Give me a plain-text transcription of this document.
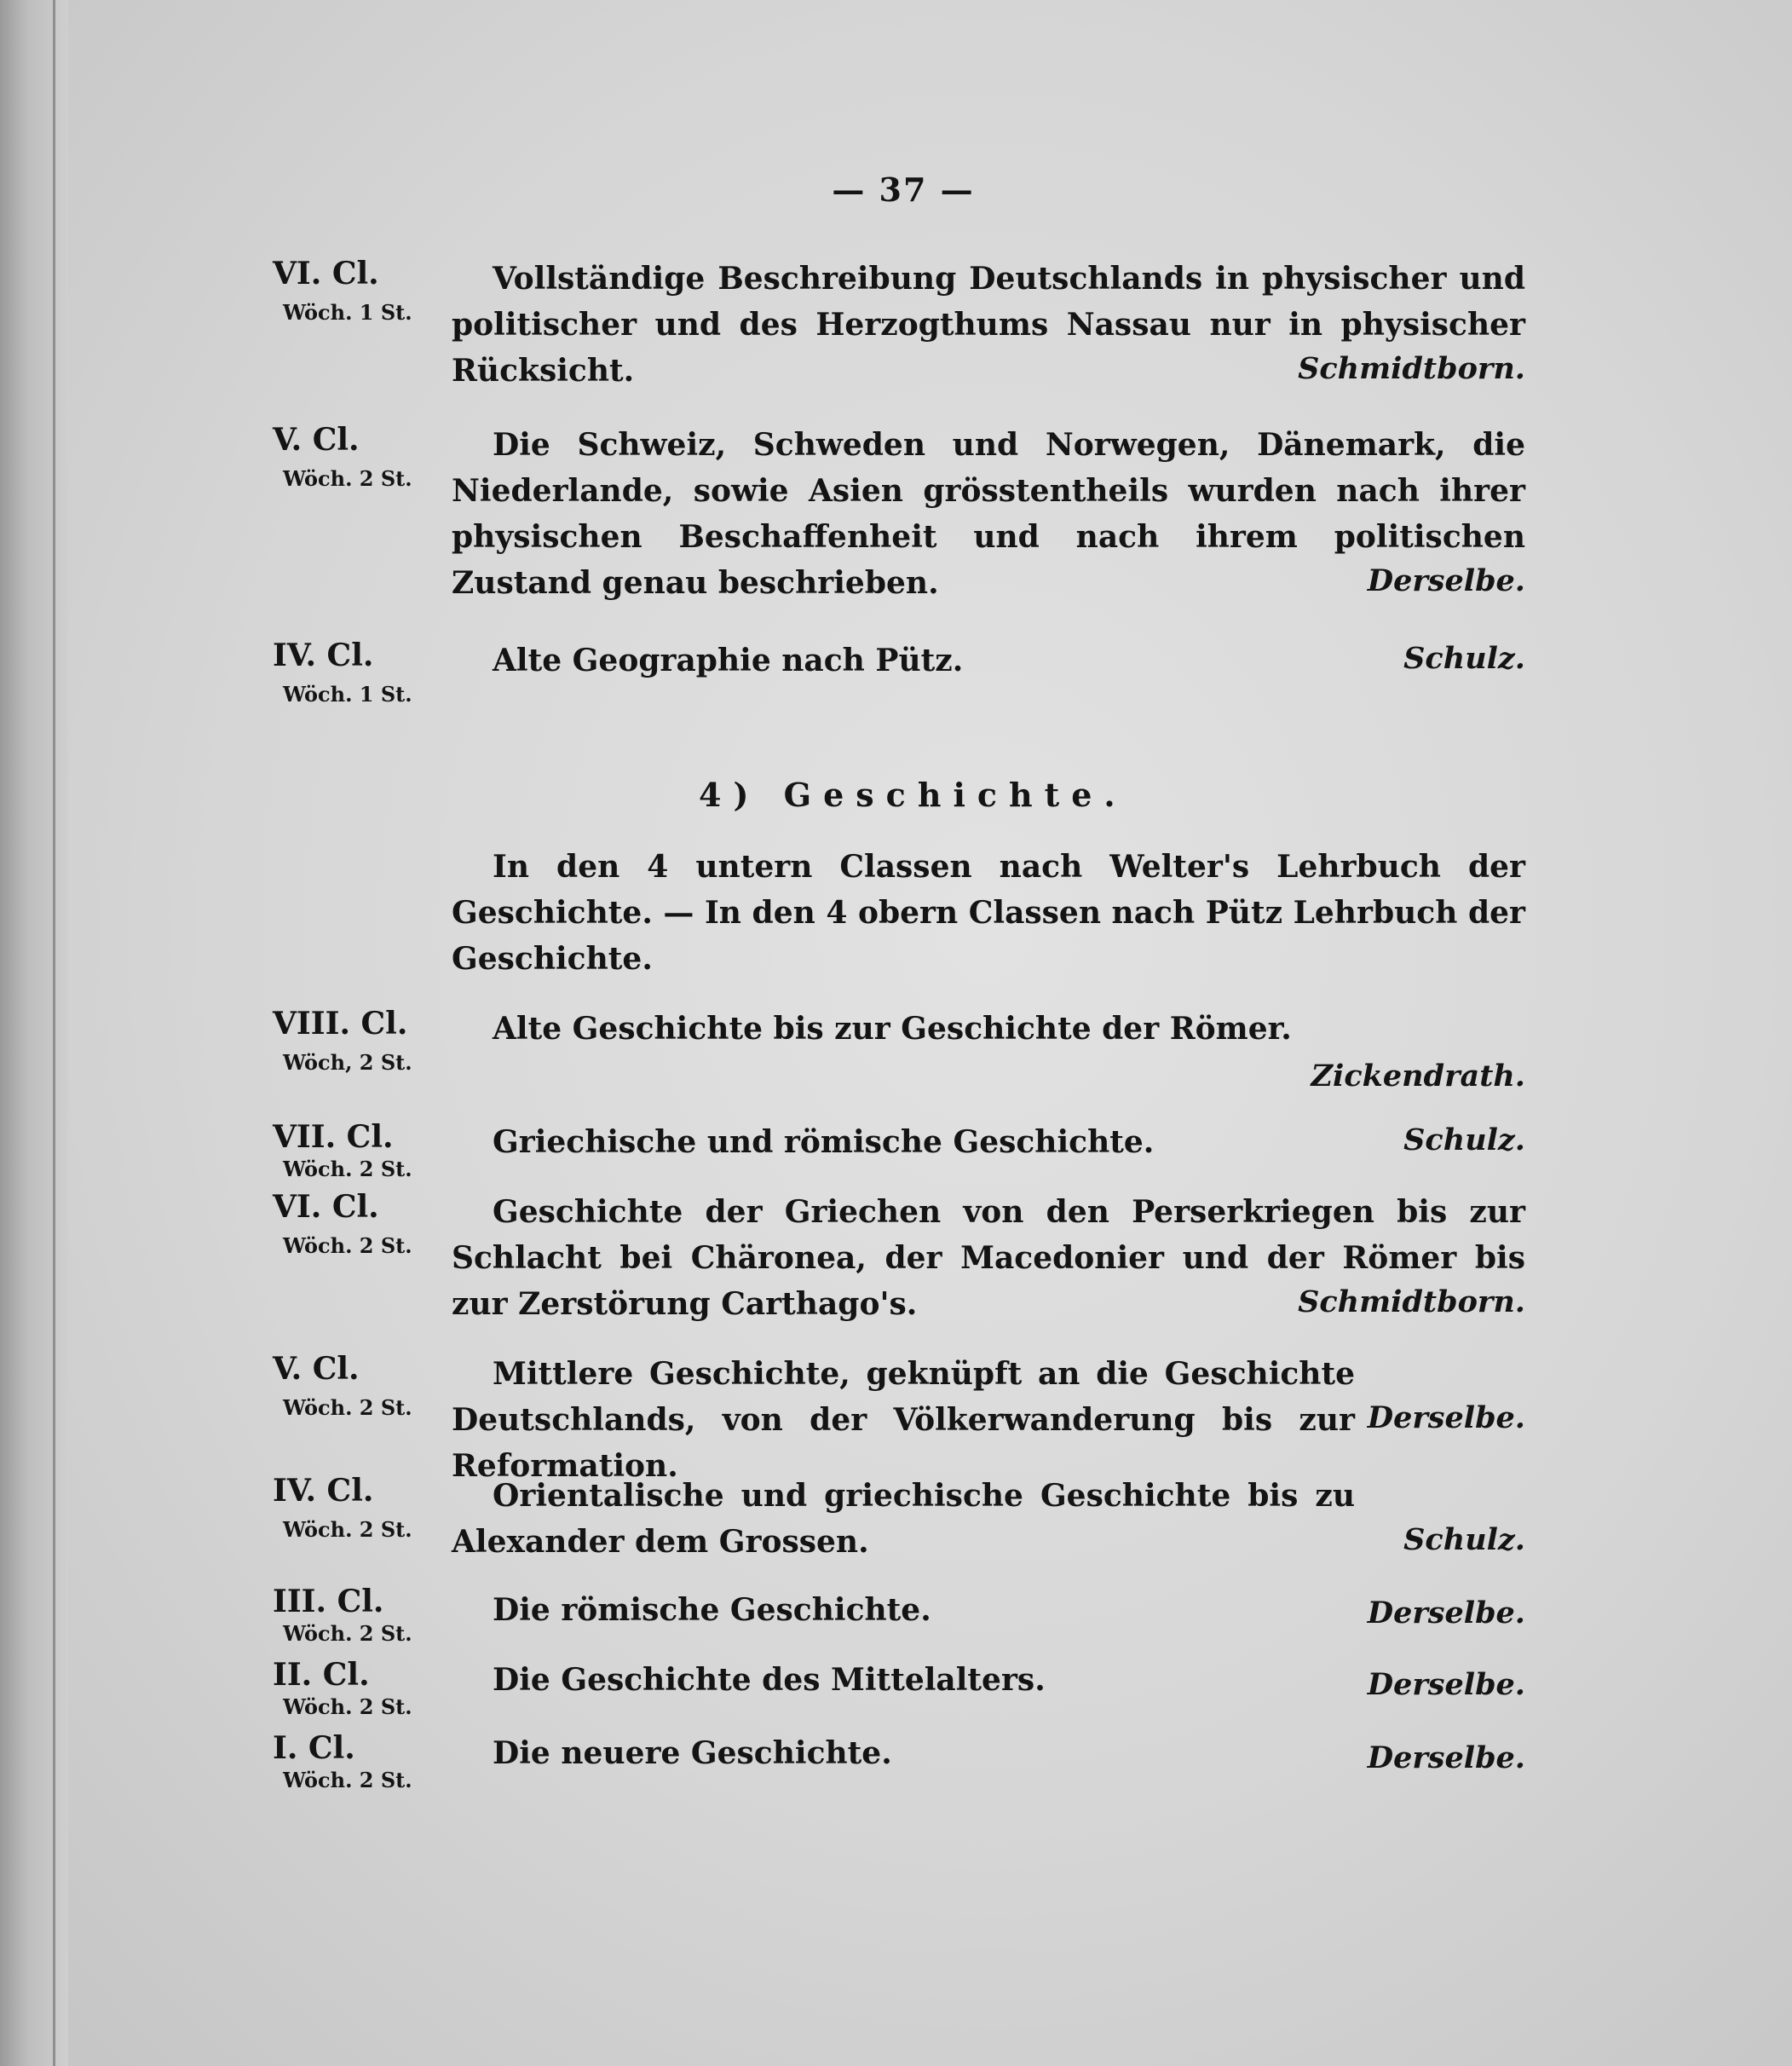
— 37 —
VI. Cl.
Wöch. 1 St.
Vollständige Beschreibung Deutschlands in physischer und politischer und des Herzogthums Nassau nur in physischer Rücksicht.	Schmidtborn.
V. Cl.
Wöch. 2 St.
Die Schweiz, Schweden und Norwegen, Dänemark, die Niederlande, sowie Asien grösstentheils wurden nach ihrer physischen Beschaffenheit und nach ihrem politischen Zustand genau beschrieben.	Derselbe.
IV. Cl.
Wöch. 1 St.
Alte Geographie nach Pütz.	Schulz.
4) Geschichte.
In den 4 untern Classen nach Welter's Lehrbuch der Geschichte. — In den 4 obern Classen nach Pütz Lehrbuch der Geschichte.
VIII. Cl.
Wöch, 2 St.
Alte Geschichte bis zur Geschichte der Römer.
Zickendrath.
VII. Cl.
Wöch. 2 St.
Griechische und römische Geschichte.	Schulz.
VI. Cl.
Wöch. 2 St.
Geschichte der Griechen von den Perserkriegen bis zur Schlacht bei Chäronea, der Macedonier und der Römer bis zur Zerstörung Carthago's.	Schmidtborn.
V. Cl.
Wöch. 2 St.
Mittlere Geschichte, geknüpft an die Geschichte Deutschlands, von der Völkerwanderung bis zur Reformation.
Derselbe.
IV. Cl.
Wöch. 2 St.
Orientalische und griechische Geschichte bis zu Alexander dem Grossen.	Schulz.
III. Cl.
Wöch. 2 St.
Die römische Geschichte.	Derselbe.
II. Cl.
Wöch. 2 St.
Die Geschichte des Mittelalters.	Derselbe.
I. Cl.
Wöch. 2 St.
Die neuere Geschichte.	Derselbe.
